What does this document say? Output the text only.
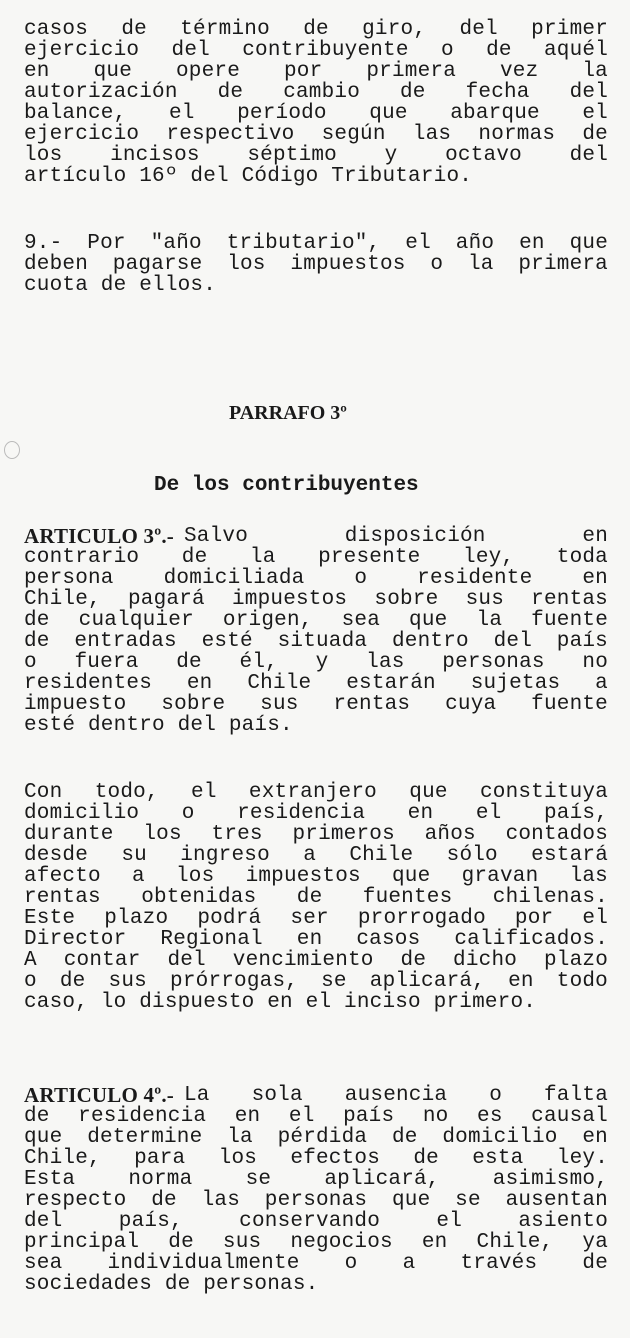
casos de término de giro, del primer
ejercicio del contribuyente o de aquél
en que opere por primera vez la
autorización de cambio de fecha del
balance, el período que abarque el
ejercicio respectivo según las normas de
los incisos séptimo y octavo del
artículo 16º del Código Tributario.
9.- Por "año tributario", el año en que
deben pagarse los impuestos o la primera
cuota de ellos.
PARRAFO 3º
De los contribuyentes
ARTICULO 3º.- Salvo disposición en
contrario de la presente ley, toda
persona domiciliada o residente en
Chile, pagará impuestos sobre sus rentas
de cualquier origen, sea que la fuente
de entradas esté situada dentro del país
o fuera de él, y las personas no
residentes en Chile estarán sujetas a
impuesto sobre sus rentas cuya fuente
esté dentro del país.
Con todo, el extranjero que constituya
domicilio o residencia en el país,
durante los tres primeros años contados
desde su ingreso a Chile sólo estará
afecto a los impuestos que gravan las
rentas obtenidas de fuentes chilenas.
Este plazo podrá ser prorrogado por el
Director Regional en casos calificados.
A contar del vencimiento de dicho plazo
o de sus prórrogas, se aplicará, en todo
caso, lo dispuesto en el inciso primero.
ARTICULO 4º.- La sola ausencia o falta
de residencia en el país no es causal
que determine la pérdida de domicilio en
Chile, para los efectos de esta ley.
Esta norma se aplicará, asimismo,
respecto de las personas que se ausentan
del país, conservando el asiento
principal de sus negocios en Chile, ya
sea individualmente o a través de
sociedades de personas.
